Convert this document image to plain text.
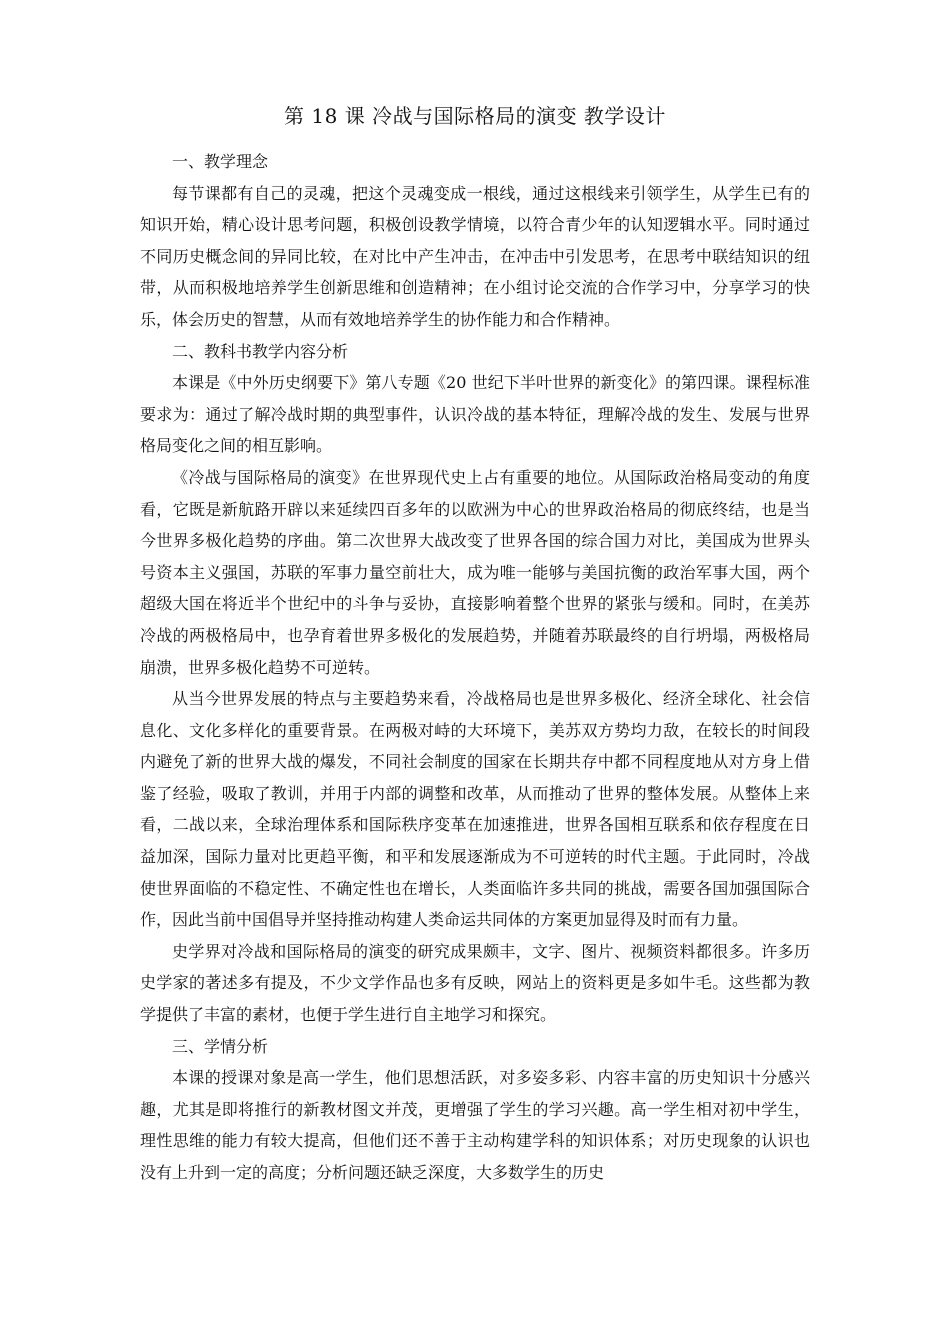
第 18 课 冷战与国际格局的演变 教学设计

一、教学理念

每节课都有自己的灵魂，把这个灵魂变成一根线，通过这根线来引领学生，从学生已有的知识开始，精心设计思考问题，积极创设教学情境，以符合青少年的认知逻辑水平。同时通过不同历史概念间的异同比较，在对比中产生冲击，在冲击中引发思考，在思考中联结知识的纽带，从而积极地培养学生创新思维和创造精神；在小组讨论交流的合作学习中，分享学习的快乐，体会历史的智慧，从而有效地培养学生的协作能力和合作精神。

二、教科书教学内容分析

本课是《中外历史纲要下》第八专题《20 世纪下半叶世界的新变化》的第四课。课程标准要求为：通过了解冷战时期的典型事件，认识冷战的基本特征，理解冷战的发生、发展与世界格局变化之间的相互影响。

《冷战与国际格局的演变》在世界现代史上占有重要的地位。从国际政治格局变动的角度看，它既是新航路开辟以来延续四百多年的以欧洲为中心的世界政治格局的彻底终结，也是当今世界多极化趋势的序曲。第二次世界大战改变了世界各国的综合国力对比，美国成为世界头号资本主义强国，苏联的军事力量空前壮大，成为唯一能够与美国抗衡的政治军事大国，两个超级大国在将近半个世纪中的斗争与妥协，直接影响着整个世界的紧张与缓和。同时，在美苏冷战的两极格局中，也孕育着世界多极化的发展趋势，并随着苏联最终的自行坍塌，两极格局崩溃，世界多极化趋势不可逆转。

从当今世界发展的特点与主要趋势来看，冷战格局也是世界多极化、经济全球化、社会信息化、文化多样化的重要背景。在两极对峙的大环境下，美苏双方势均力敌，在较长的时间段内避免了新的世界大战的爆发，不同社会制度的国家在长期共存中都不同程度地从对方身上借鉴了经验，吸取了教训，并用于内部的调整和改革，从而推动了世界的整体发展。从整体上来看，二战以来，全球治理体系和国际秩序变革在加速推进，世界各国相互联系和依存程度在日益加深，国际力量对比更趋平衡，和平和发展逐渐成为不可逆转的时代主题。于此同时，冷战使世界面临的不稳定性、不确定性也在增长，人类面临许多共同的挑战，需要各国加强国际合作，因此当前中国倡导并坚持推动构建人类命运共同体的方案更加显得及时而有力量。

史学界对冷战和国际格局的演变的研究成果颇丰，文字、图片、视频资料都很多。许多历史学家的著述多有提及，不少文学作品也多有反映，网站上的资料更是多如牛毛。这些都为教学提供了丰富的素材，也便于学生进行自主地学习和探究。

三、学情分析

本课的授课对象是高一学生，他们思想活跃，对多姿多彩、内容丰富的历史知识十分感兴趣，尤其是即将推行的新教材图文并茂，更增强了学生的学习兴趣。高一学生相对初中学生，理性思维的能力有较大提高，但他们还不善于主动构建学科的知识体系；对历史现象的认识也没有上升到一定的高度；分析问题还缺乏深度，大多数学生的历史
